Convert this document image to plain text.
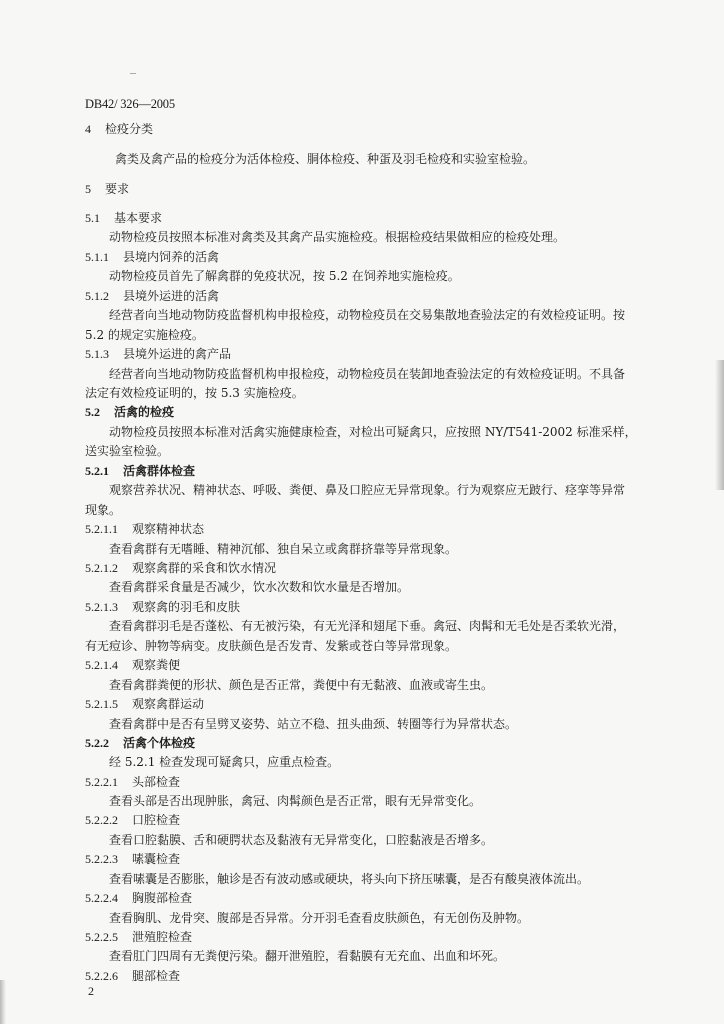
DB42/ 326—2005
4 检疫分类
禽类及禽产品的检疫分为活体检疫、胴体检疫、种蛋及羽毛检疫和实验室检验。
5 要求
5.1 基本要求
动物检疫员按照本标准对禽类及其禽产品实施检疫。根据检疫结果做相应的检疫处理。
5.1.1 县境内饲养的活禽
动物检疫员首先了解禽群的免疫状况，按 5.2 在饲养地实施检疫。
5.1.2 县境外运进的活禽
经营者向当地动物防疫监督机构申报检疫，动物检疫员在交易集散地查验法定的有效检疫证明。按
5.2 的规定实施检疫。
5.1.3 县境外运进的禽产品
经营者向当地动物防疫监督机构申报检疫，动物检疫员在装卸地查验法定的有效检疫证明。不具备
法定有效检疫证明的，按 5.3 实施检疫。
5.2 活禽的检疫
动物检疫员按照本标准对活禽实施健康检查，对检出可疑禽只，应按照 NY/T541-2002 标准采样，
送实验室检验。
5.2.1 活禽群体检查
观察营养状况、精神状态、呼吸、粪便、鼻及口腔应无异常现象。行为观察应无跛行、痉挛等异常
现象。
5.2.1.1 观察精神状态
查看禽群有无嗜睡、精神沉郁、独自呆立或禽群挤靠等异常现象。
5.2.1.2 观察禽群的采食和饮水情况
查看禽群采食量是否减少，饮水次数和饮水量是否增加。
5.2.1.3 观察禽的羽毛和皮肤
查看禽群羽毛是否蓬松、有无被污染，有无光泽和翅尾下垂。禽冠、肉髯和无毛处是否柔软光滑，
有无痘诊、肿物等病变。皮肤颜色是否发青、发紫或苍白等异常现象。
5.2.1.4 观察粪便
查看禽群粪便的形状、颜色是否正常，粪便中有无黏液、血液或寄生虫。
5.2.1.5 观察禽群运动
查看禽群中是否有呈劈叉姿势、站立不稳、扭头曲颈、转圈等行为异常状态。
5.2.2 活禽个体检疫
经 5.2.1 检查发现可疑禽只，应重点检查。
5.2.2.1 头部检查
查看头部是否出现肿胀，禽冠、肉髯颜色是否正常，眼有无异常变化。
5.2.2.2 口腔检查
查看口腔黏膜、舌和硬腭状态及黏液有无异常变化，口腔黏液是否增多。
5.2.2.3 嗉囊检查
查看嗉囊是否膨胀，触诊是否有波动感或硬块，将头向下挤压嗉囊，是否有酸臭液体流出。
5.2.2.4 胸腹部检查
查看胸肌、龙骨突、腹部是否异常。分开羽毛查看皮肤颜色，有无创伤及肿物。
5.2.2.5 泄殖腔检查
查看肛门四周有无粪便污染。翻开泄殖腔，看黏膜有无充血、出血和坏死。
5.2.2.6 腿部检查
2
